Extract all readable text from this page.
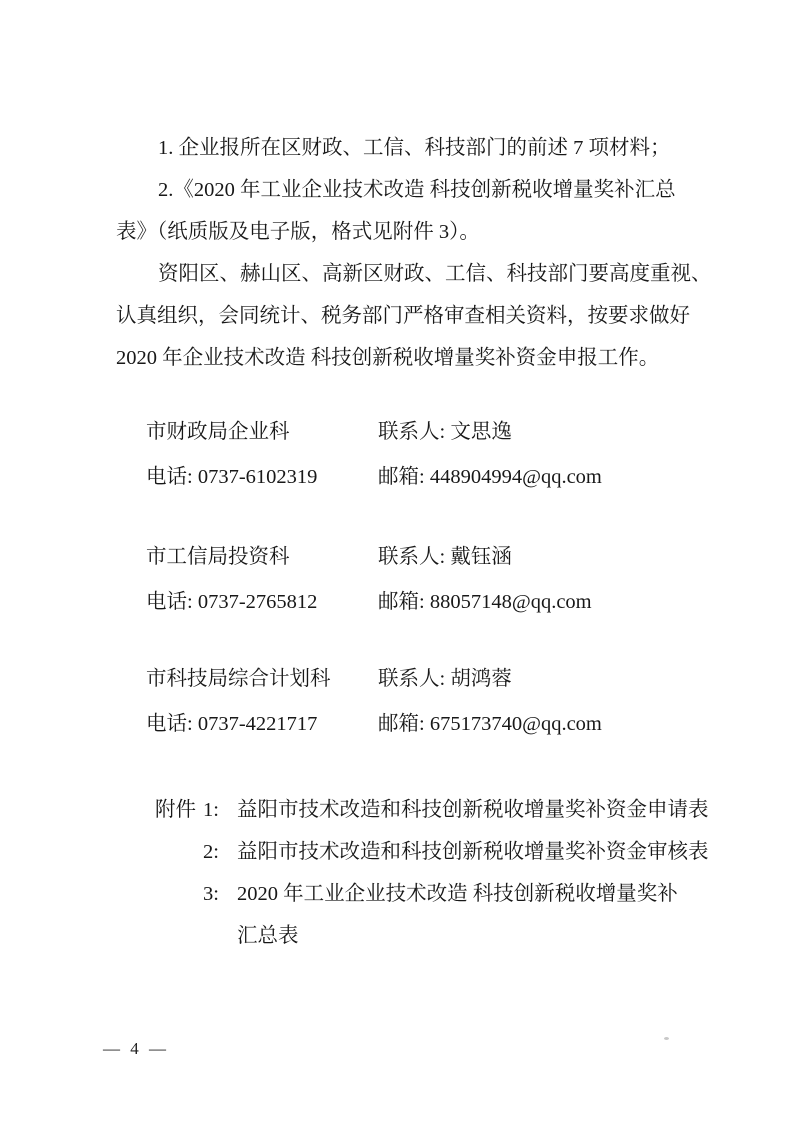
1. 企业报所在区财政、工信、科技部门的前述 7 项材料；
2.《2020 年工业企业技术改造 科技创新税收增量奖补汇总
表》（纸质版及电子版，格式见附件 3）。
资阳区、赫山区、高新区财政、工信、科技部门要高度重视、
认真组织，会同统计、税务部门严格审查相关资料，按要求做好
2020 年企业技术改造 科技创新税收增量奖补资金申报工作。
市财政局企业科	联系人: 文思逸
电话: 0737-6102319	邮箱: 448904994@qq.com
市工信局投资科	联系人: 戴钰涵
电话: 0737-2765812	邮箱: 88057148@qq.com
市科技局综合计划科	联系人: 胡鸿蓉
电话: 0737-4221717	邮箱: 675173740@qq.com
附件 1: 益阳市技术改造和科技创新税收增量奖补资金申请表
2: 益阳市技术改造和科技创新税收增量奖补资金审核表
3: 2020 年工业企业技术改造 科技创新税收增量奖补
汇总表
— 4 —
